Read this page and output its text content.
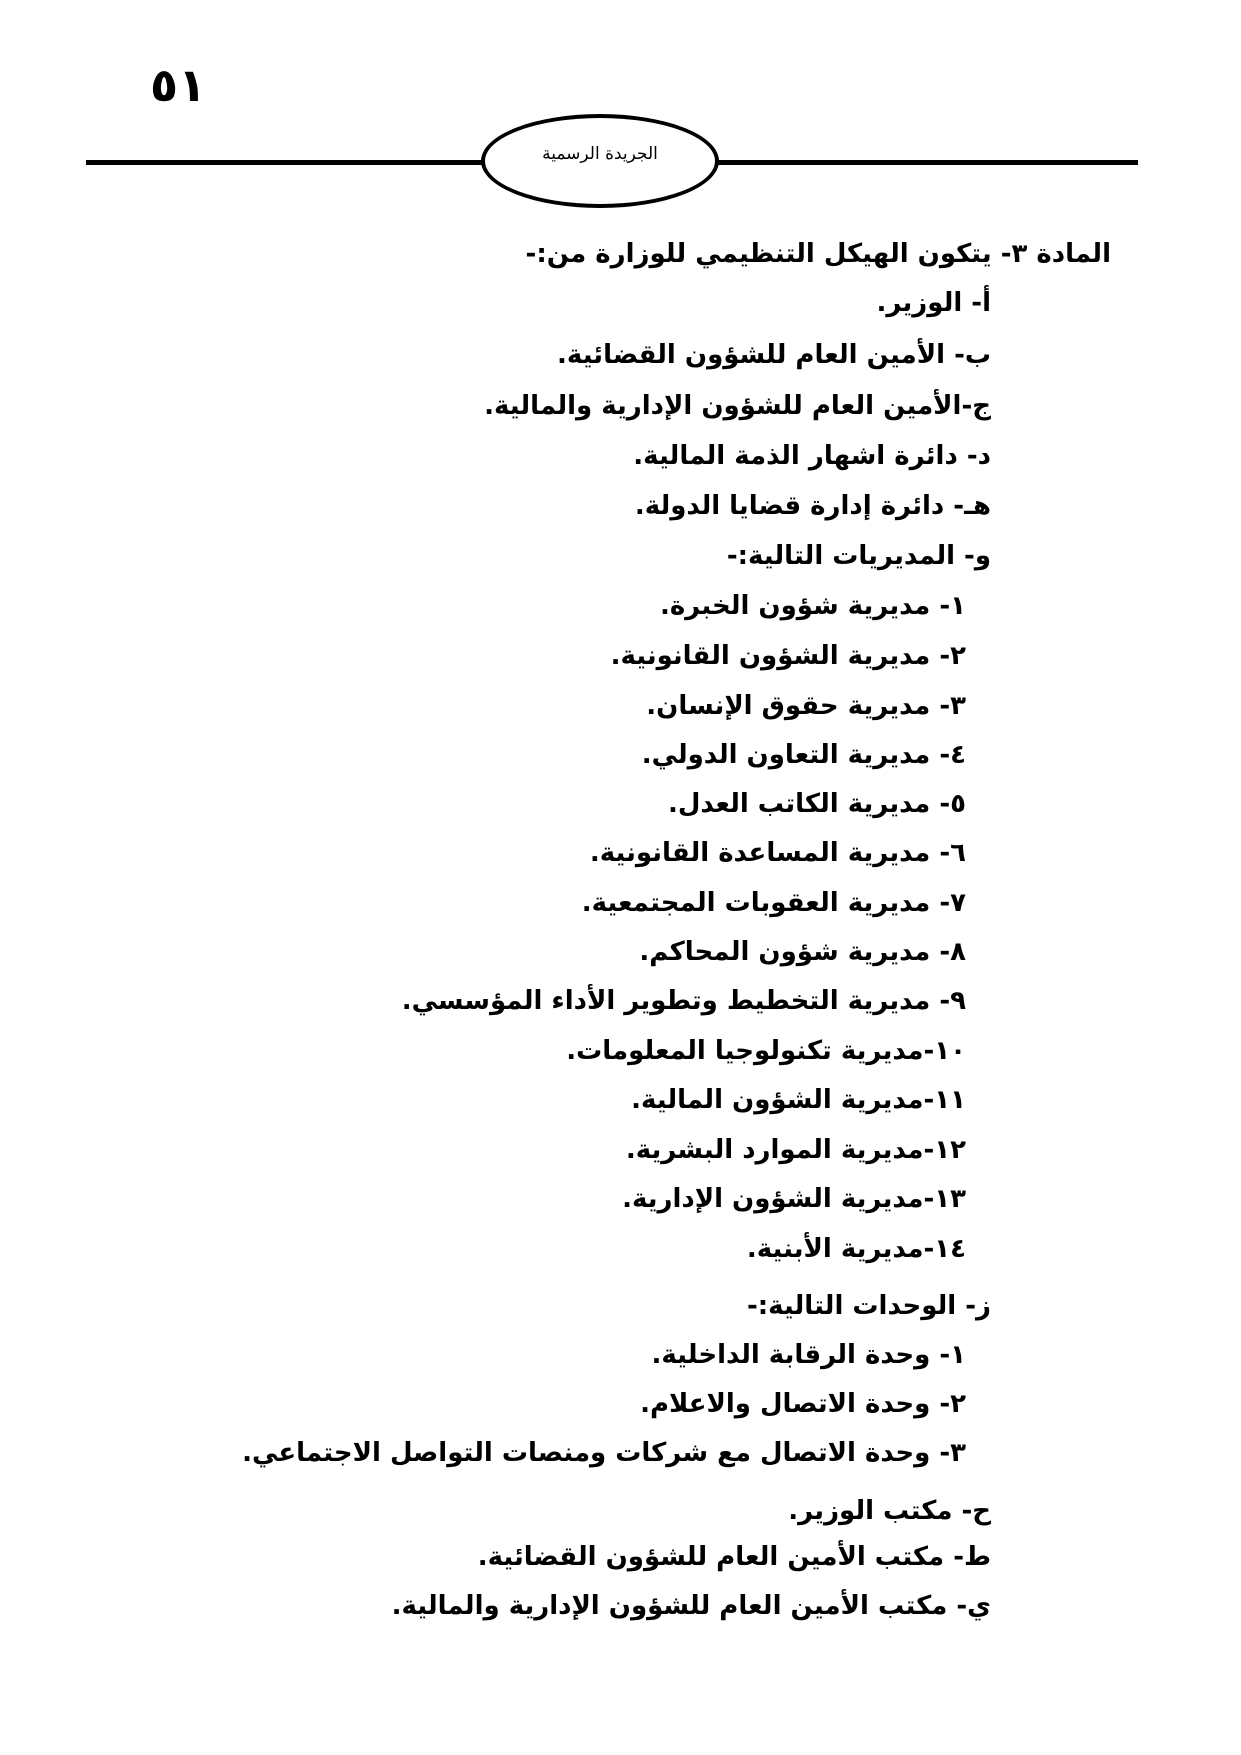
٥١
الجريدة الرسمية
المادة ٣- يتكون الهيكل التنظيمي للوزارة من:-
أ- الوزير.
ب- الأمين العام للشؤون القضائية.
ج-الأمين العام للشؤون الإدارية والمالية.
د- دائرة اشهار الذمة المالية.
هـ- دائرة إدارة قضايا الدولة.
و- المديريات التالية:-
١- مديرية شؤون الخبرة.
٢- مديرية الشؤون القانونية.
٣- مديرية حقوق الإنسان.
٤- مديرية التعاون الدولي.
٥- مديرية الكاتب العدل.
٦- مديرية المساعدة القانونية.
٧- مديرية العقوبات المجتمعية.
٨- مديرية شؤون المحاكم.
٩- مديرية التخطيط وتطوير الأداء المؤسسي.
١٠-مديرية تكنولوجيا المعلومات.
١١-مديرية الشؤون المالية.
١٢-مديرية الموارد البشرية.
١٣-مديرية الشؤون الإدارية.
١٤-مديرية الأبنية.
ز- الوحدات التالية:-
١- وحدة الرقابة الداخلية.
٢- وحدة الاتصال والاعلام.
٣- وحدة الاتصال مع شركات ومنصات التواصل الاجتماعي.
ح- مكتب الوزير.
ط- مكتب الأمين العام للشؤون القضائية.
ي- مكتب الأمين العام للشؤون الإدارية والمالية.
